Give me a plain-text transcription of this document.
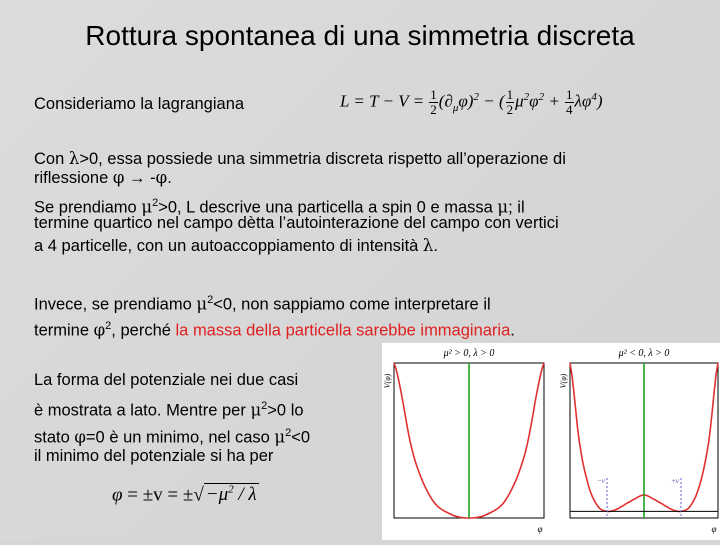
Rottura spontanea di una simmetria discreta
Consideriamo la lagrangiana	$L = T - V = \frac{1}{2} (\partial_\mu\varphi)^2$ − ( $\frac{1}{2} \mu^2\varphi^2 + \frac{1}{4} \lambda\varphi^4$)
Con λ>0, essa possiede una simmetria discreta rispetto all’operazione di
riflessione φ → -φ.
Se prendiamo $\mu^2>0$, L descrive una particella a spin 0 e massa μ; il
termine quartico nel campo dètta l’autointerazione del campo con vertici
a 4 particelle, con un autoaccoppiamento di intensità λ.
Invece, se prendiamo $\mu^2<0$, non sappiamo come interpretare il
termine $\varphi^2$, perché la massa della particella sarebbe immaginaria.
La forma del potenziale nei due casi
è mostrata a lato. Mentre per $\mu^2>0$ lo
stato φ=0 è un minimo, nel caso $\mu^2<0$
il minimo del potenziale si ha per
φ = ±v = ±√ $-\mu^2 / \lambda$
μ² > 0, λ > 0
V(φ)
φ
μ² < 0, λ > 0
V(φ)
φ
−v	+v
